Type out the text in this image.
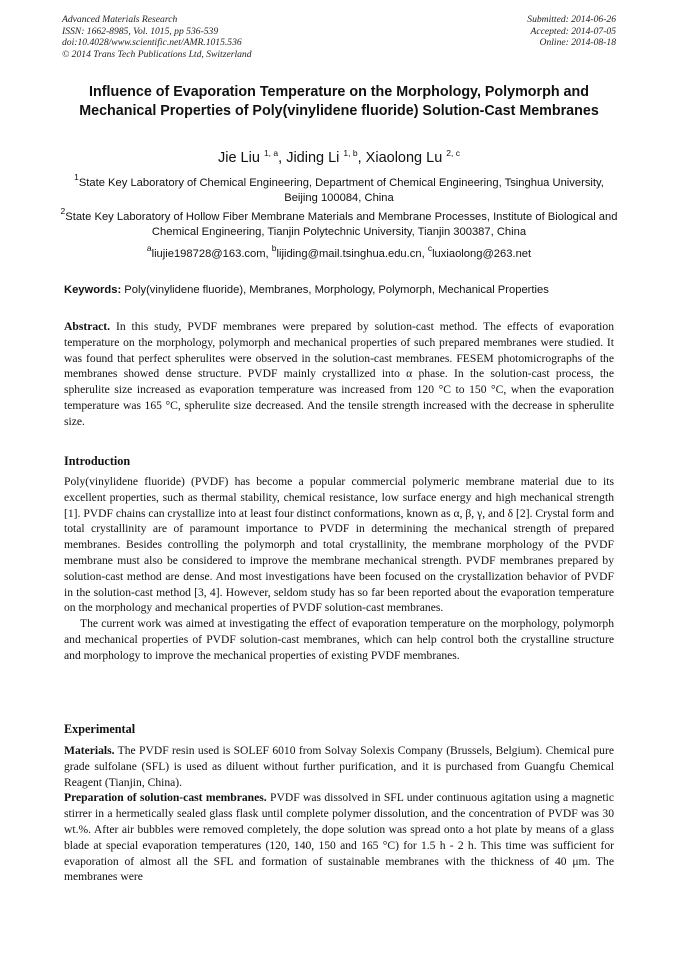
Advanced Materials Research
ISSN: 1662-8985, Vol. 1015, pp 536-539
doi:10.4028/www.scientific.net/AMR.1015.536
© 2014 Trans Tech Publications Ltd, Switzerland
Submitted: 2014-06-26
Accepted: 2014-07-05
Online: 2014-08-18
Influence of Evaporation Temperature on the Morphology, Polymorph and Mechanical Properties of Poly(vinylidene fluoride) Solution-Cast Membranes
Jie Liu $^{1, a}$, Jiding Li $^{1, b}$, Xiaolong Lu $^{2, c}$
$^1$State Key Laboratory of Chemical Engineering, Department of Chemical Engineering, Tsinghua University, Beijing 100084, China
$^2$State Key Laboratory of Hollow Fiber Membrane Materials and Membrane Processes, Institute of Biological and Chemical Engineering, Tianjin Polytechnic University, Tianjin 300387, China
$^a$liujie198728@163.com, $^b$lijiding@mail.tsinghua.edu.cn, $^c$luxiaolong@263.net
Keywords: Poly(vinylidene fluoride), Membranes, Morphology, Polymorph, Mechanical Properties

Abstract. In this study, PVDF membranes were prepared by solution-cast method. The effects of evaporation temperature on the morphology, polymorph and mechanical properties of such prepared membranes were studied. It was found that perfect spherulites were observed in the solution-cast membranes. FESEM photomicrographs of the membranes showed dense structure. PVDF mainly crystallized into α phase. In the solution-cast process, the spherulite size increased as evaporation temperature was increased from 120 °C to 150 °C, when the evaporation temperature was 165 °C, spherulite size decreased. And the tensile strength increased with the decrease in spherulite size.

Introduction

Poly(vinylidene fluoride) (PVDF) has become a popular commercial polymeric membrane material due to its excellent properties, such as thermal stability, chemical resistance, low surface energy and high mechanical strength [1]. PVDF chains can crystallize into at least four distinct conformations, known as α, β, γ, and δ [2]. Crystal form and total crystallinity are of paramount importance to PVDF in determining the mechanical strength of prepared membranes. Besides controlling the polymorph and total crystallinity, the membrane morphology of the PVDF membrane must also be considered to improve the membrane mechanical strength. PVDF membranes prepared by solution-cast method are dense. And most investigations have been focused on the crystallization behavior of PVDF in the solution-cast method [3, 4]. However, seldom study has so far been reported about the evaporation temperature on the morphology and mechanical properties of PVDF solution-cast membranes.

The current work was aimed at investigating the effect of evaporation temperature on the morphology, polymorph and mechanical properties of PVDF solution-cast membranes, which can help control both the crystalline structure and morphology to improve the mechanical properties of existing PVDF membranes.

Experimental

Materials. The PVDF resin used is SOLEF 6010 from Solvay Solexis Company (Brussels, Belgium). Chemical pure grade sulfolane (SFL) is used as diluent without further purification, and it is purchased from Guangfu Chemical Reagent (Tianjin, China).

Preparation of solution-cast membranes. PVDF was dissolved in SFL under continuous agitation using a magnetic stirrer in a hermetically sealed glass flask until complete polymer dissolution, and the concentration of PVDF was 30 wt.%. After air bubbles were removed completely, the dope solution was spread onto a hot plate by means of a glass blade at special evaporation temperatures (120, 140, 150 and 165 °C) for 1.5 h - 2 h. This time was sufficient for evaporation of almost all the SFL and formation of sustainable membranes with the thickness of 40 μm. The membranes were
